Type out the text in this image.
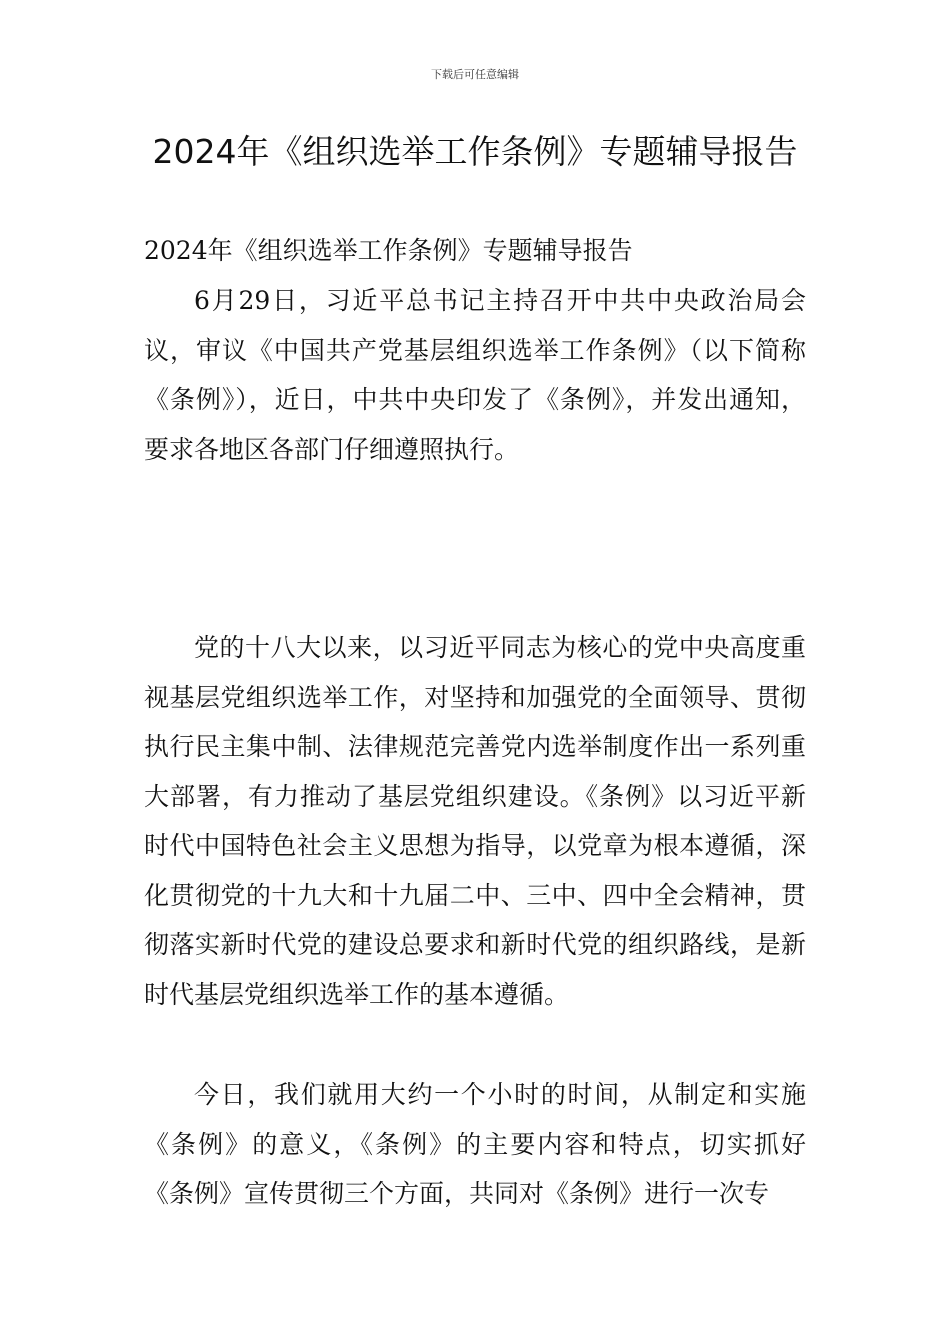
下载后可任意编辑
2024年《组织选举工作条例》专题辅导报告

2024年《组织选举工作条例》专题辅导报告

6月29日，习近平总书记主持召开中共中央政治局会议，审议《中国共产党基层组织选举工作条例》（以下简称《条例》），近日，中共中央印发了《条例》，并发出通知，要求各地区各部门仔细遵照执行。

党的十八大以来，以习近平同志为核心的党中央高度重视基层党组织选举工作，对坚持和加强党的全面领导、贯彻执行民主集中制、法律规范完善党内选举制度作出一系列重大部署，有力推动了基层党组织建设。《条例》以习近平新时代中国特色社会主义思想为指导，以党章为根本遵循，深化贯彻党的十九大和十九届二中、三中、四中全会精神，贯彻落实新时代党的建设总要求和新时代党的组织路线，是新时代基层党组织选举工作的基本遵循。

今日，我们就用大约一个小时的时间，从制定和实施《条例》的意义，《条例》的主要内容和特点，切实抓好《条例》宣传贯彻三个方面，共同对《条例》进行一次专
